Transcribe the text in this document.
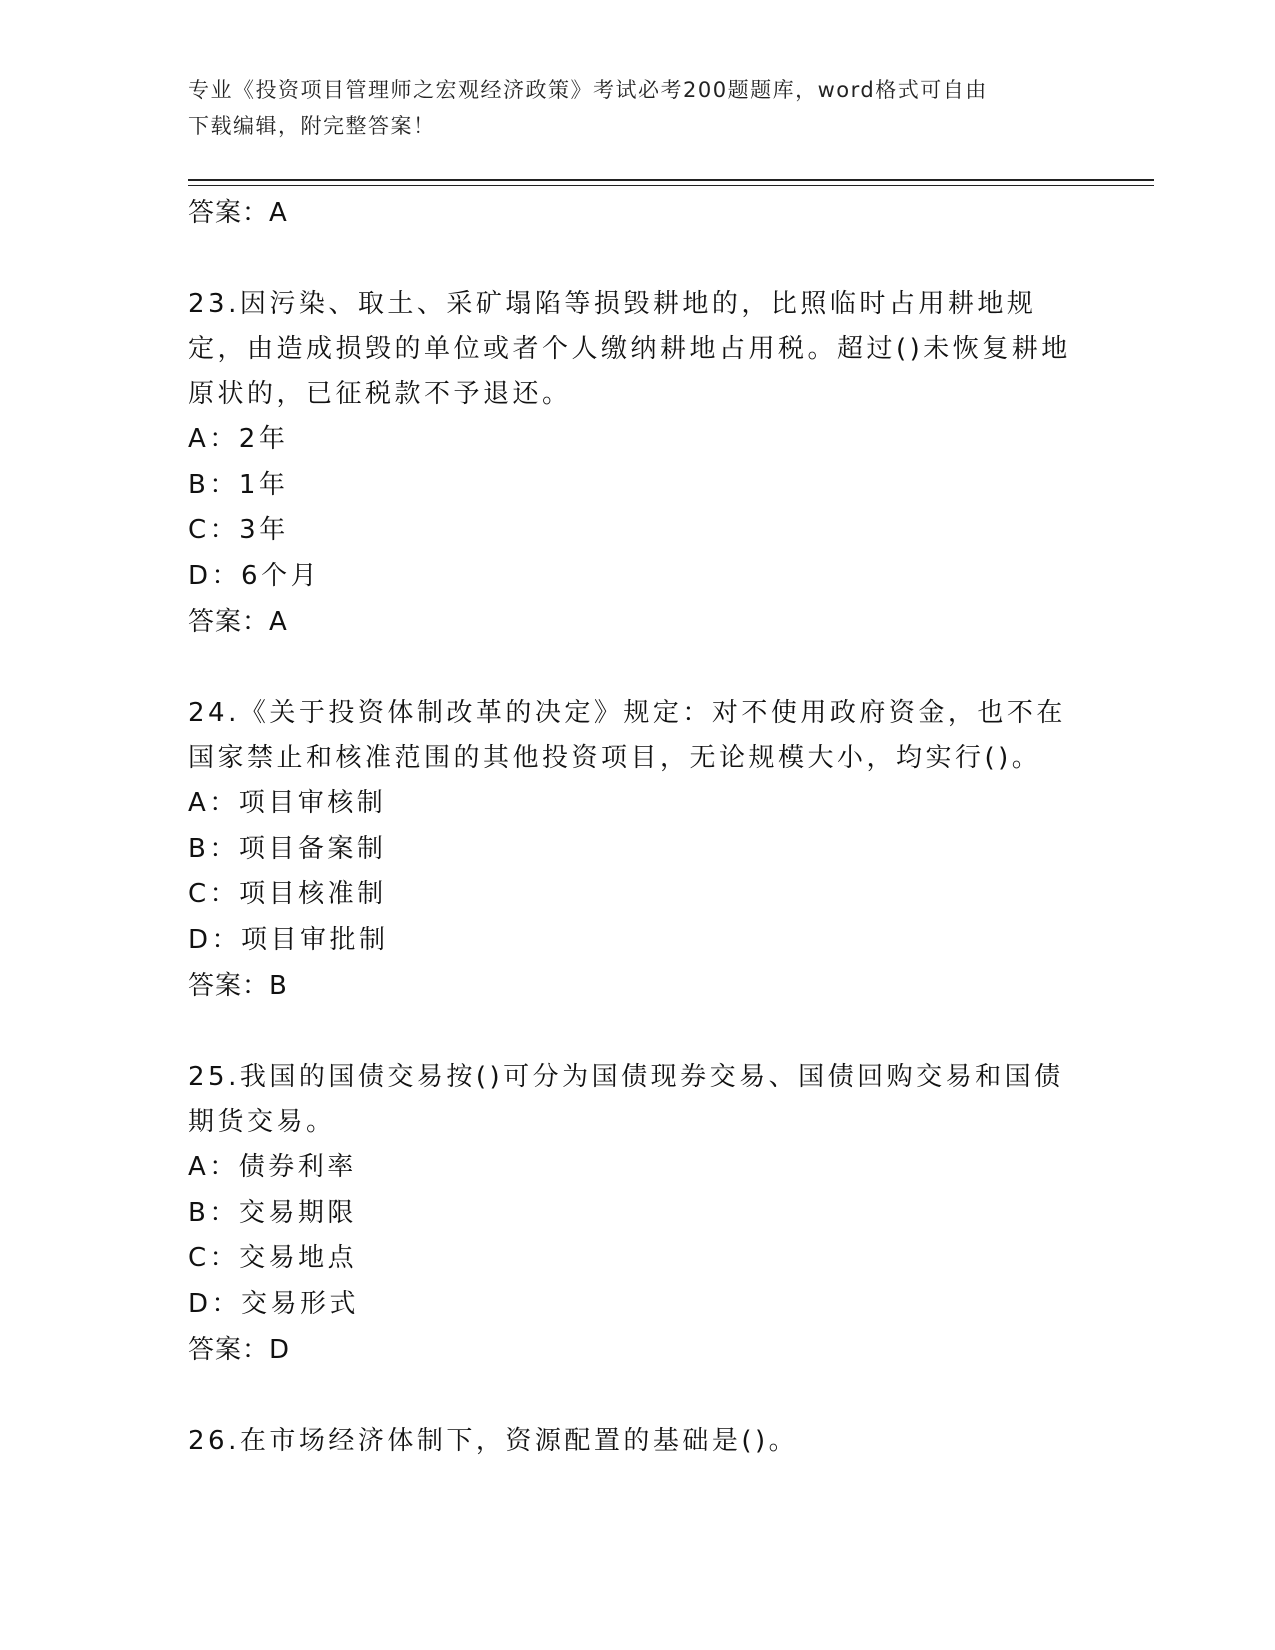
专业《投资项目管理师之宏观经济政策》考试必考200题题库，word格式可自由
下载编辑，附完整答案！
答案：A
23.因污染、取土、采矿塌陷等损毁耕地的，比照临时占用耕地规定，由造成损毁的单位或者个人缴纳耕地占用税。超过()未恢复耕地原状的，已征税款不予退还。
A：2年
B：1年
C：3年
D：6个月
答案：A
24.《关于投资体制改革的决定》规定：对不使用政府资金，也不在国家禁止和核准范围的其他投资项目，无论规模大小，均实行()。
A：项目审核制
B：项目备案制
C：项目核准制
D：项目审批制
答案：B
25.我国的国债交易按()可分为国债现券交易、国债回购交易和国债期货交易。
A：债券利率
B：交易期限
C：交易地点
D：交易形式
答案：D
26.在市场经济体制下，资源配置的基础是()。
